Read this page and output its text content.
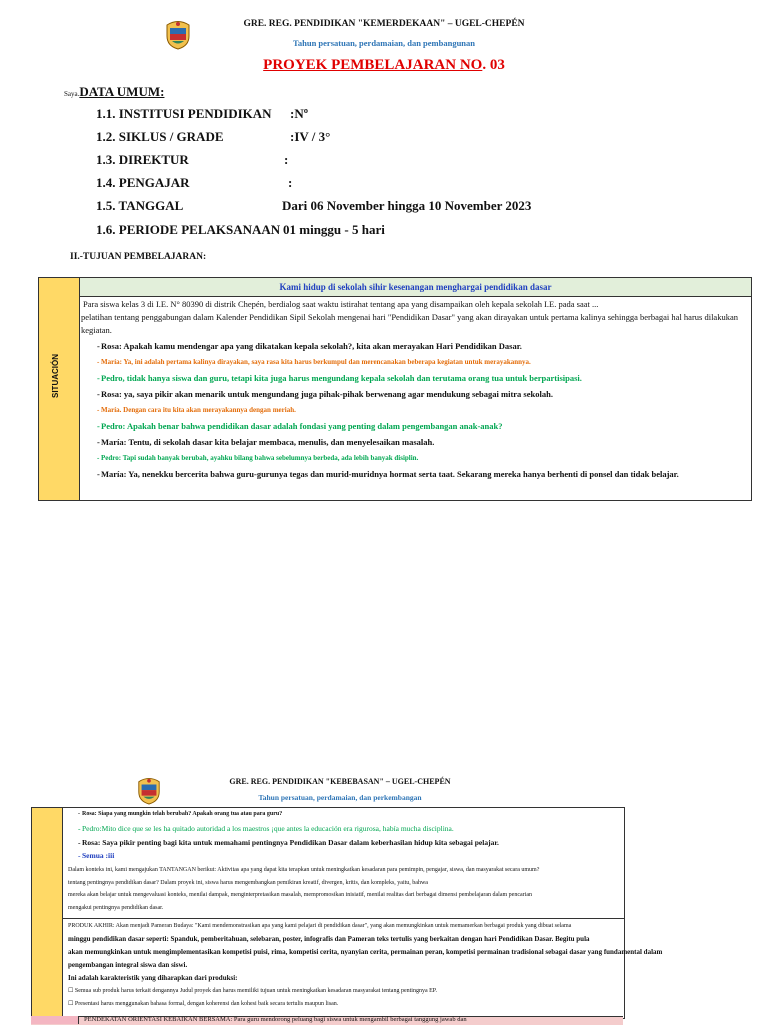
GRE. REG. PENDIDIKAN "KEMERDEKAAN" – UGEL-CHEPÉN
Tahun persatuan, perdamaian, dan pembangunan
PROYEK PEMBELAJARAN NO. 03
Saya.DATA UMUM:
1.1. INSTITUSI PENDIDIKAN :Nº
1.2. SIKLUS / GRADE	:IV / 3°
1.3. DIREKTUR	:
1.4. PENGAJAR	:
1.5. TANGGAL	Dari 06 November hingga 10 November 2023
1.6. PERIODE PELAKSANAAN 01 minggu - 5 hari
II.-TUJUAN PEMBELAJARAN:
SITUACIÓN
Kami hidup di sekolah sihir kesenangan menghargai pendidikan dasar
Para siswa kelas 3 di I.E. N° 80390 di distrik Chepén, berdialog saat waktu istirahat tentang apa yang disampaikan oleh kepala sekolah I.E. pada saat ...
pelatihan tentang penggabungan dalam Kalender Pendidikan Sipil Sekolah mengenai hari "Pendidikan Dasar" yang akan dirayakan untuk pertama kalinya sehingga berbagai hal harus dilakukan
kegiatan.
- Rosa: Apakah kamu mendengar apa yang dikatakan kepala sekolah?, kita akan merayakan Hari Pendidikan Dasar.
- María: Ya, ini adalah pertama kalinya dirayakan, saya rasa kita harus berkumpul dan merencanakan beberapa kegiatan untuk merayakannya.
- Pedro, tidak hanya siswa dan guru, tetapi kita juga harus mengundang kepala sekolah dan terutama orang tua untuk berpartisipasi.
- Rosa: ya, saya pikir akan menarik untuk mengundang juga pihak-pihak berwenang agar mendukung sebagai mitra sekolah.
- María. Dengan cara itu kita akan merayakannya dengan meriah.
- Pedro: Apakah benar bahwa pendidikan dasar adalah fondasi yang penting dalam pengembangan anak-anak?
- María: Tentu, di sekolah dasar kita belajar membaca, menulis, dan menyelesaikan masalah.
- Pedro: Tapi sudah banyak berubah, ayahku bilang bahwa sebelumnya berbeda, ada lebih banyak disiplin.
- María: Ya, nenekku bercerita bahwa guru-gurunya tegas dan murid-muridnya hormat serta taat. Sekarang mereka hanya berhenti di ponsel dan tidak belajar.
GRE. REG. PENDIDIKAN "KEBEBASAN" – UGEL-CHEPÉN
Tahun persatuan, perdamaian, dan perkembangan
- Rosa: Siapa yang mungkin telah berubah? Apakah orang tua atau para guru?
- Pedro:Mito dice que se les ha quitado autoridad a los maestros ¡que antes la educación era rigurosa, había mucha disciplina.
- Rosa: Saya pikir penting bagi kita untuk memahami pentingnya Pendidikan Dasar dalam keberhasilan hidup kita sebagai pelajar.
- Semua :iii
Dalam konteks ini, kami mengajukan TANTANGAN berikut: Aktivitas apa yang dapat kita terapkan untuk meningkatkan kesadaran para pemimpin, pengajar, siswa, dan masyarakat secara umum?
tentang pentingnya pendidikan dasar? Dalam proyek ini, siswa harus mengembangkan pemikiran kreatif, divergen, kritis, dan kompleks, yaitu, bahwa
mereka akan belajar untuk mengevaluasi konteks, menilai dampak, menginterpretasikan masalah, mempromosikan inisiatif, menilai realitas dari berbagai dimensi pembelajaran dalam pencarian
mengakui pentingnya pendidikan dasar.
PRODUK AKHIR: Akan menjadi Pameran Budaya: "Kami mendemonstrasikan apa yang kami pelajari di pendidikan dasar", yang akan memungkinkan untuk memamerkan berbagai produk yang dibuat selama
minggu pendidikan dasar seperti: Spanduk, pemberitahuan, selebaran, poster, infografis dan Pameran teks tertulis yang berkaitan dengan hari Pendidikan Dasar. Begitu pula
akan memungkinkan untuk mengimplementasikan kompetisi puisi, rima, kompetisi cerita, nyanyian cerita, permainan peran, kompetisi permainan tradisional sebagai dasar yang fundamental dalam
pengembangan integral siswa dan siswi.
Ini adalah karakteristik yang diharapkan dari produksi:
☐ Semua sub produk harus terkait dengannya Judul proyek dan harus memiliki tujuan untuk meningkatkan kesadaran masyarakat tentang pentingnya EP.
☐ Presentasi harus menggunakan bahasa formal, dengan koherensi dan kohesi baik secara tertulis maupun lisan.
PENDEKATAN ORIENTASI KEBAIKAN BERSAMA: Para guru mendorong peluang bagi siswa untuk mengambil berbagai tanggung jawab dan
